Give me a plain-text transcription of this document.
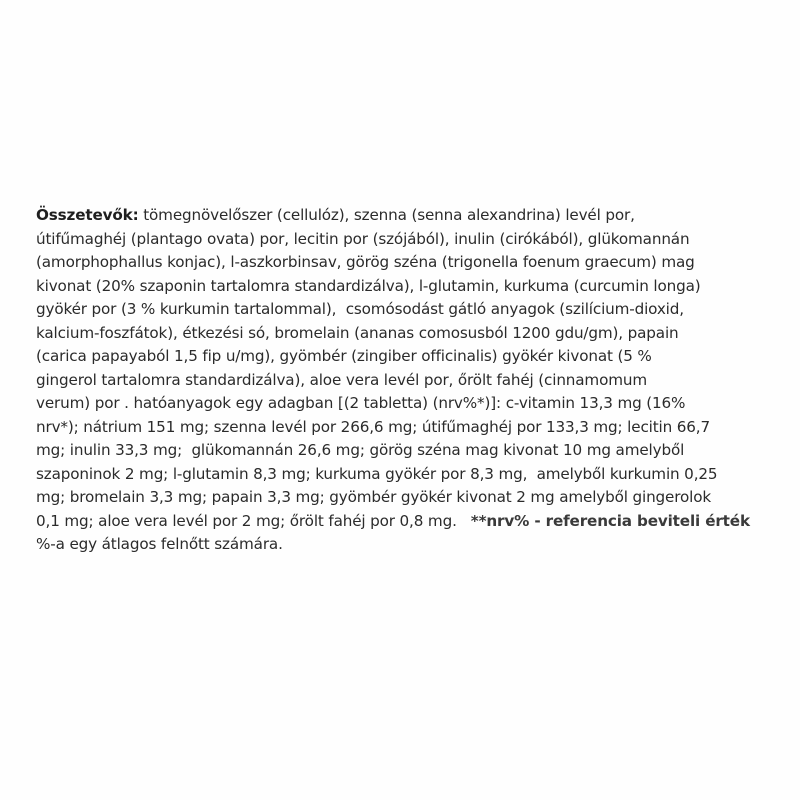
Összetevők: tömegnövelőszer (cellulóz), szenna (senna alexandrina) levél por,
útifűmaghéj (plantago ovata) por, lecitin por (szójából), inulin (cirókából), glükomannán
(amorphophallus konjac), l-aszkorbinsav, görög széna (trigonella foenum graecum) mag
kivonat (20% szaponin tartalomra standardizálva), l-glutamin, kurkuma (curcumin longa)
gyökér por (3 % kurkumin tartalommal),  csomósodást gátló anyagok (szilícium-dioxid,
kalcium-foszfátok), étkezési só, bromelain (ananas comosusból 1200 gdu/gm), papain
(carica papayaból 1,5 fip u/mg), gyömbér (zingiber officinalis) gyökér kivonat (5 %
gingerol tartalomra standardizálva), aloe vera levél por, őrölt fahéj (cinnamomum
verum) por . hatóanyagok egy adagban [(2 tabletta) (nrv%*)]: c-vitamin 13,3 mg (16%
nrv*); nátrium 151 mg; szenna levél por 266,6 mg; útifűmaghéj por 133,3 mg; lecitin 66,7
mg; inulin 33,3 mg;  glükomannán 26,6 mg; görög széna mag kivonat 10 mg amelyből
szaponinok 2 mg; l-glutamin 8,3 mg; kurkuma gyökér por 8,3 mg,  amelyből kurkumin 0,25
mg; bromelain 3,3 mg; papain 3,3 mg; gyömbér gyökér kivonat 2 mg amelyből gingerolok
0,1 mg; aloe vera levél por 2 mg; őrölt fahéj por 0,8 mg.   **nrv% - referencia beviteli érték
%-a egy átlagos felnőtt számára.
